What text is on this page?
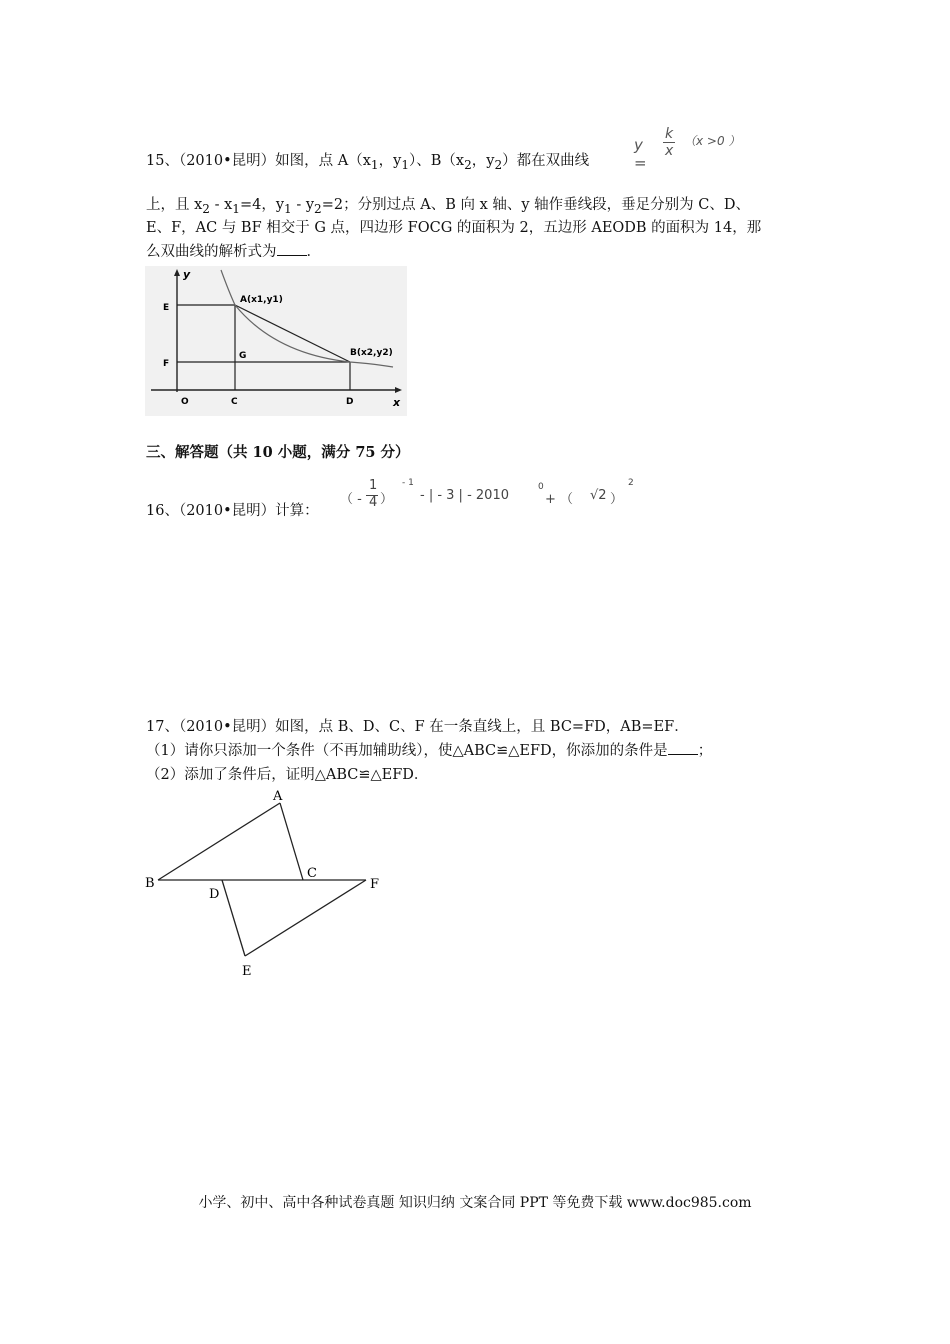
15、（2010•昆明）如图，点 $A(x_1$，$y_1$）、$B(x_2$，$y_2$）都在双曲线
y =
k
x
（x >0 ）
上，且 $x_2 - x_1=4$，$y_1 - y_2=2$；分别过点 A、B 向 x 轴、y 轴作垂线段，垂足分别为 C、D、
E、F，AC 与 BF 相交于 G 点，四边形 FOCG 的面积为 2，五边形 AEODB 的面积为 14，那
么双曲线的解析式为 ．
y
x
E
F
O	C	D
G
A(x1,y1)
B(x2,y2)
三、解答题（共 10 小题，满分 75 分）
16、（2010•昆明）计算：
（ -
1
4 ）
- 1
- | - 3 | - 2010
0
+ （ √2 ）
2
17、（2010•昆明）如图，点 B、D、C、F 在一条直线上，且 BC=FD，AB=EF．
（1）请你只添加一个条件（不再加辅助线），使△ABC≌△EFD，你添加的条件是 ；
（2）添加了条件后，证明△ABC≌△EFD．
A
B
C
D
E
F
小学、初中、高中各种试卷真题 知识归纳 文案合同 PPT 等免费下载 www.doc985.com
